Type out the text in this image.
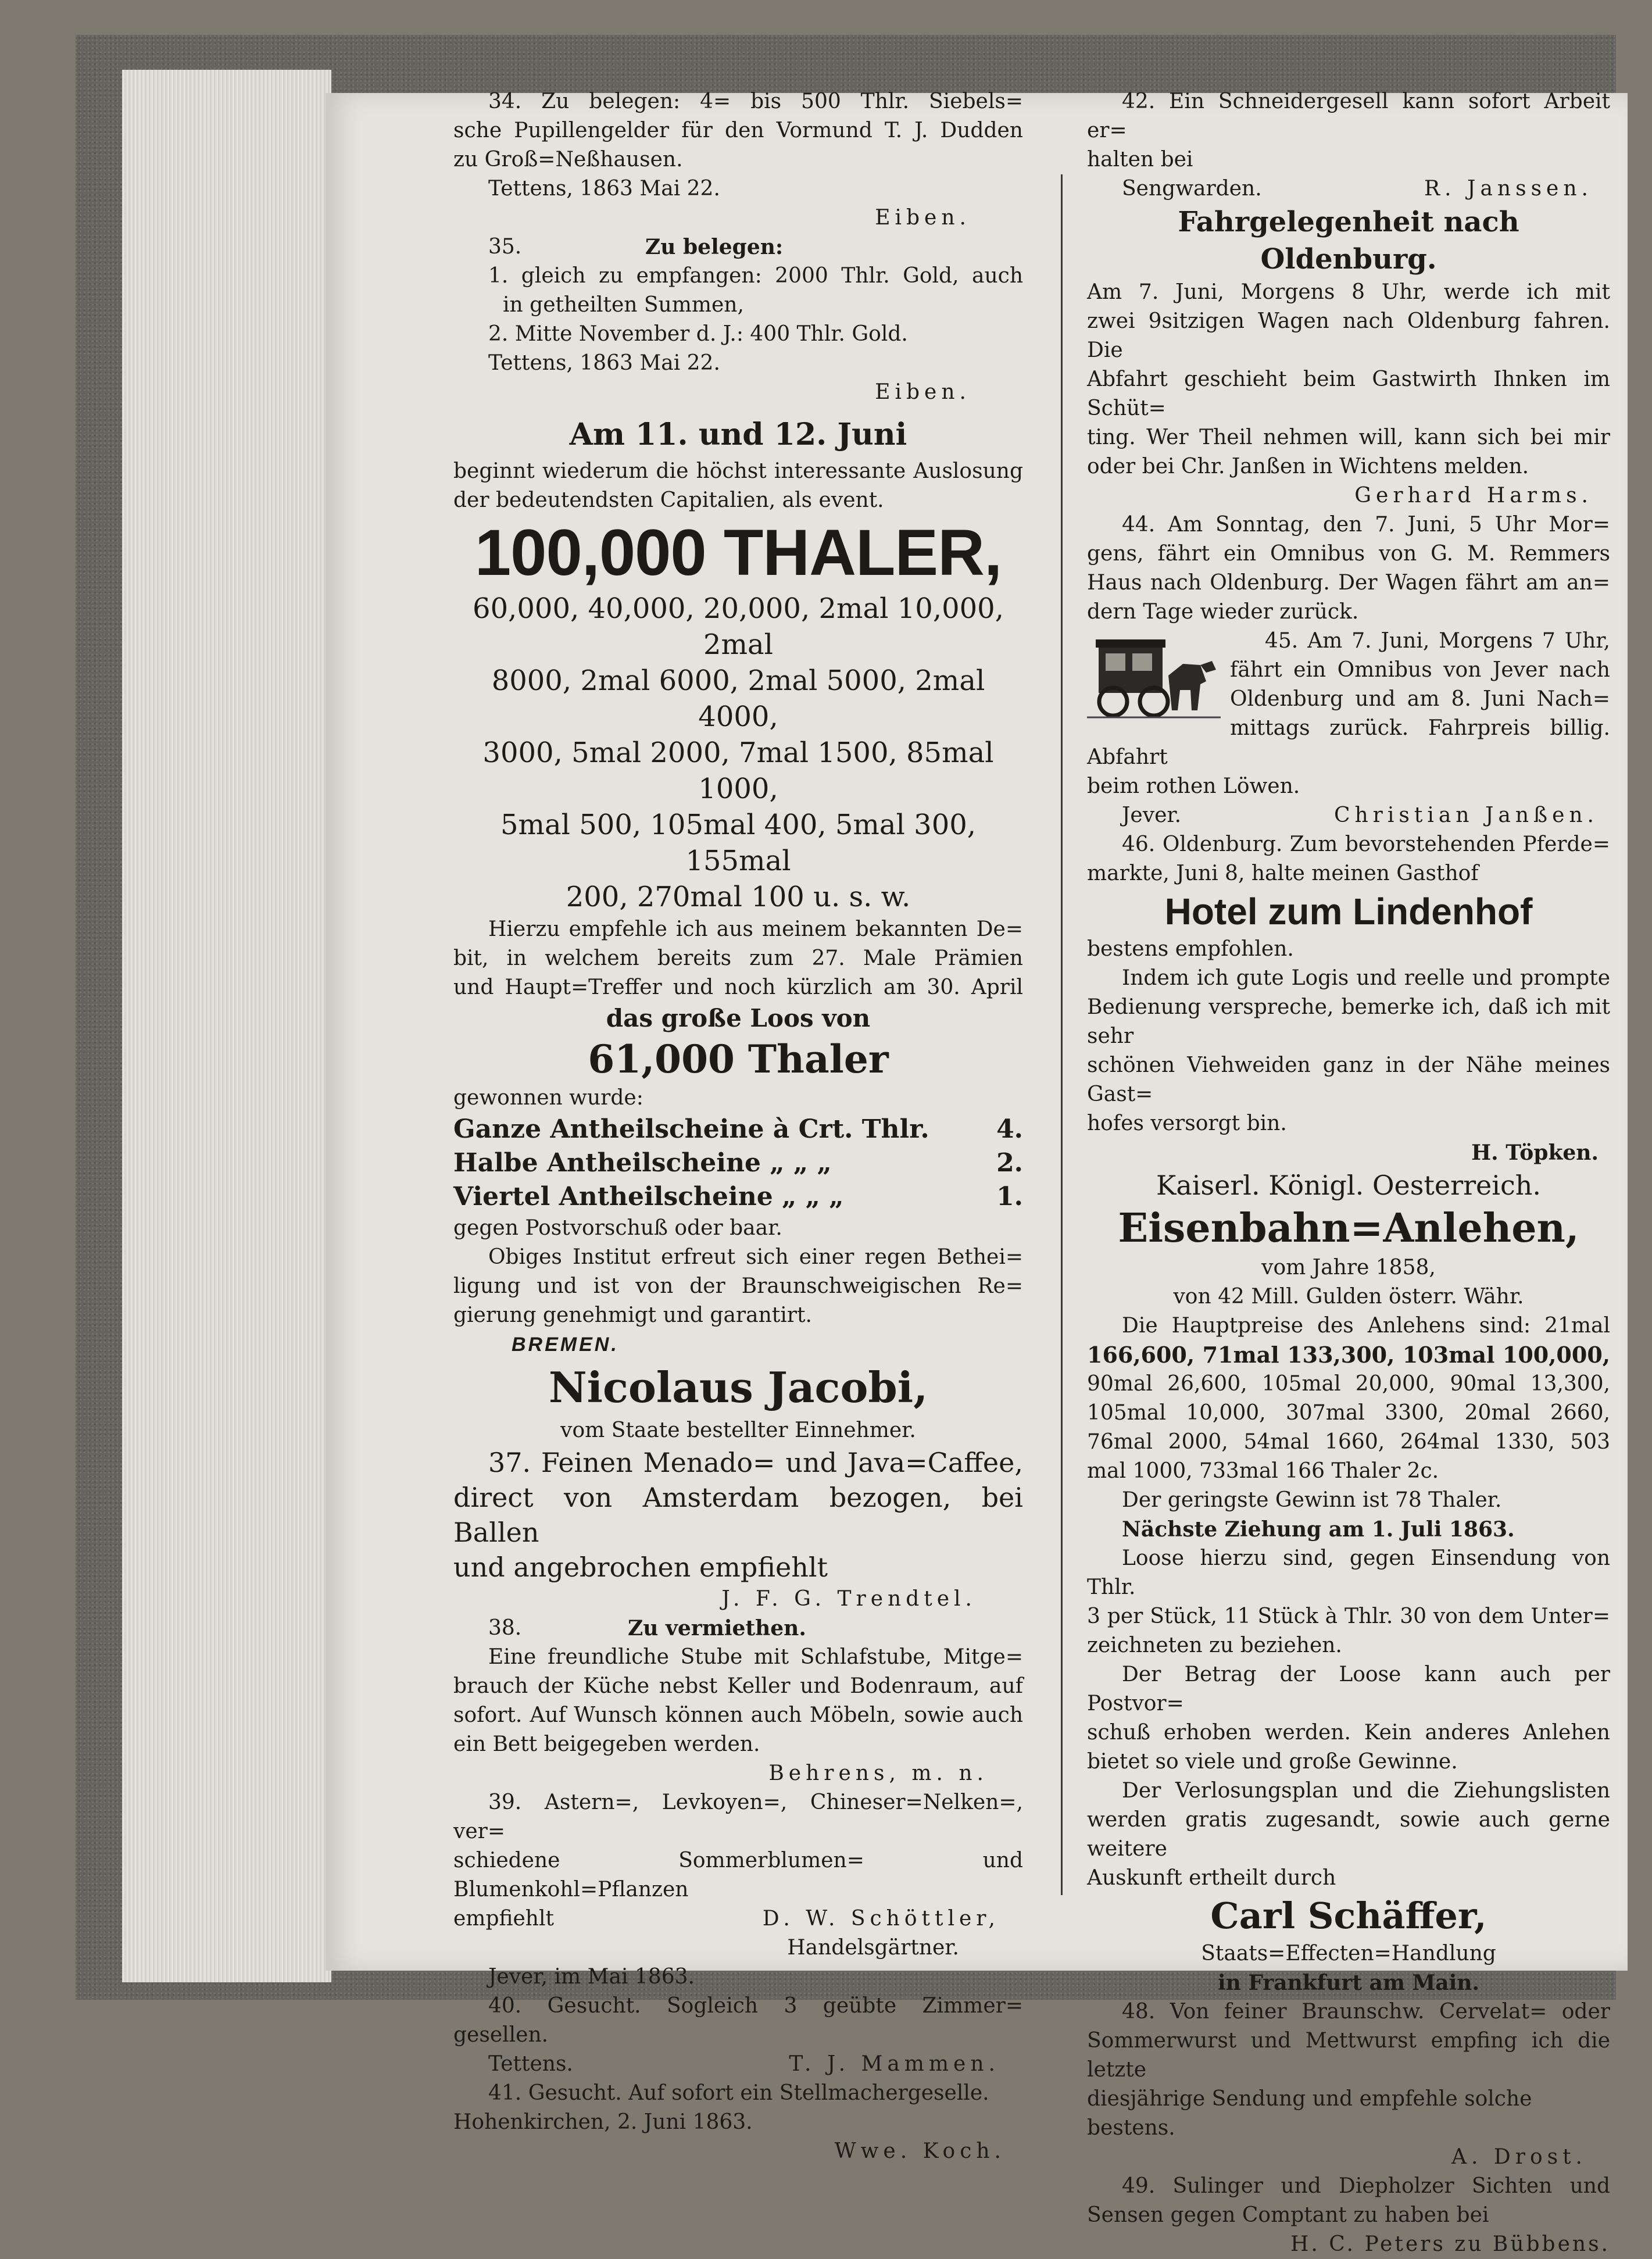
34. Zu belegen: 4= bis 500 Thlr. Siebels=

sche Pupillengelder für den Vormund T. J. Dudden

zu Groß=Neßhausen.

Tettens, 1863 Mai 22.

Eiben.

35.	Zu belegen:

1. gleich zu empfangen: 2000 Thlr. Gold, auch

in getheilten Summen,

2. Mitte November d. J.: 400 Thlr. Gold.

Tettens, 1863 Mai 22.

Eiben.

Am 11. und 12. Juni

beginnt wiederum die höchst interessante Auslosung

der bedeutendsten Capitalien, als event.

100,000 THALER,

60,000, 40,000, 20,000, 2mal 10,000, 2mal

8000, 2mal 6000, 2mal 5000, 2mal 4000,

3000, 5mal 2000, 7mal 1500, 85mal 1000,

5mal 500, 105mal 400, 5mal 300, 155mal

200, 270mal 100 u. s. w.

Hierzu empfehle ich aus meinem bekannten De=

bit, in welchem bereits zum 27. Male Prämien

und Haupt=Treffer und noch kürzlich am 30. April

das große Loos von

61,000 Thaler

gewonnen wurde:

Ganze Antheilscheine à Crt. Thlr.	4.

Halbe Antheilscheine „ „ „	2.

Viertel Antheilscheine „ „ „	1.

gegen Postvorschuß oder baar.

Obiges Institut erfreut sich einer regen Bethei=

ligung und ist von der Braunschweigischen Re=

gierung genehmigt und garantirt.

BREMEN.

Nicolaus Jacobi,

vom Staate bestellter Einnehmer.

37. Feinen Menado= und Java=Caffee,

direct von Amsterdam bezogen, bei Ballen

und angebrochen empfiehlt

J. F. G. Trendtel.

38.	Zu vermiethen.

Eine freundliche Stube mit Schlafstube, Mitge=

brauch der Küche nebst Keller und Bodenraum, auf

sofort. Auf Wunsch können auch Möbeln, sowie auch

ein Bett beigegeben werden.

Behrens, m. n.

39. Astern=, Levkoyen=, Chineser=Nelken=, ver=

schiedene Sommerblumen= und Blumenkohl=Pflanzen

empfiehlt	D. W. Schöttler,

Handelsgärtner.

Jever, im Mai 1863.

40. Gesucht. Sogleich 3 geübte Zimmer=

gesellen.

Tettens.	T. J. Mammen.

41. Gesucht. Auf sofort ein Stellmachergeselle.

Hohenkirchen, 2. Juni 1863.

Wwe. Koch.

42. Ein Schneidergesell kann sofort Arbeit er=

halten bei

Sengwarden.	R. Janssen.

Fahrgelegenheit nach Oldenburg.

Am 7. Juni, Morgens 8 Uhr, werde ich mit

zwei 9sitzigen Wagen nach Oldenburg fahren. Die

Abfahrt geschieht beim Gastwirth Ihnken im Schüt=

ting. Wer Theil nehmen will, kann sich bei mir

oder bei Chr. Janßen in Wichtens melden.

Gerhard Harms.

44. Am Sonntag, den 7. Juni, 5 Uhr Mor=

gens, fährt ein Omnibus von G. M. Remmers

Haus nach Oldenburg. Der Wagen fährt am an=

dern Tage wieder zurück.

45. Am 7. Juni, Morgens 7 Uhr,

fährt ein Omnibus von Jever nach

Oldenburg und am 8. Juni Nach=

mittags zurück. Fahrpreis billig. Abfahrt

beim rothen Löwen.

Jever.	Christian Janßen.

46. Oldenburg. Zum bevorstehenden Pferde=

markte, Juni 8, halte meinen Gasthof

Hotel zum Lindenhof

bestens empfohlen.

Indem ich gute Logis und reelle und prompte

Bedienung verspreche, bemerke ich, daß ich mit sehr

schönen Viehweiden ganz in der Nähe meines Gast=

hofes versorgt bin.

H. Töpken.

Kaiserl. Königl. Oesterreich.

Eisenbahn=Anlehen,

vom Jahre 1858,

von 42 Mill. Gulden österr. Währ.

Die Hauptpreise des Anlehens sind: 21mal

166,600, 71mal 133,300, 103mal 100,000,

90mal 26,600, 105mal 20,000, 90mal 13,300,

105mal 10,000, 307mal 3300, 20mal 2660,

76mal 2000, 54mal 1660, 264mal 1330, 503

mal 1000, 733mal 166 Thaler 2c.

Der geringste Gewinn ist 78 Thaler.

Nächste Ziehung am 1. Juli 1863.

Loose hierzu sind, gegen Einsendung von Thlr.

3 per Stück, 11 Stück à Thlr. 30 von dem Unter=

zeichneten zu beziehen.

Der Betrag der Loose kann auch per Postvor=

schuß erhoben werden. Kein anderes Anlehen

bietet so viele und große Gewinne.

Der Verlosungsplan und die Ziehungslisten

werden gratis zugesandt, sowie auch gerne weitere

Auskunft ertheilt durch

Carl Schäffer,

Staats=Effecten=Handlung

in Frankfurt am Main.

48. Von feiner Braunschw. Cervelat= oder

Sommerwurst und Mettwurst empfing ich die letzte

diesjährige Sendung und empfehle solche bestens.

A. Drost.

49. Sulinger und Diepholzer Sichten und

Sensen gegen Comptant zu haben bei

H. C. Peters zu Bübbens.
